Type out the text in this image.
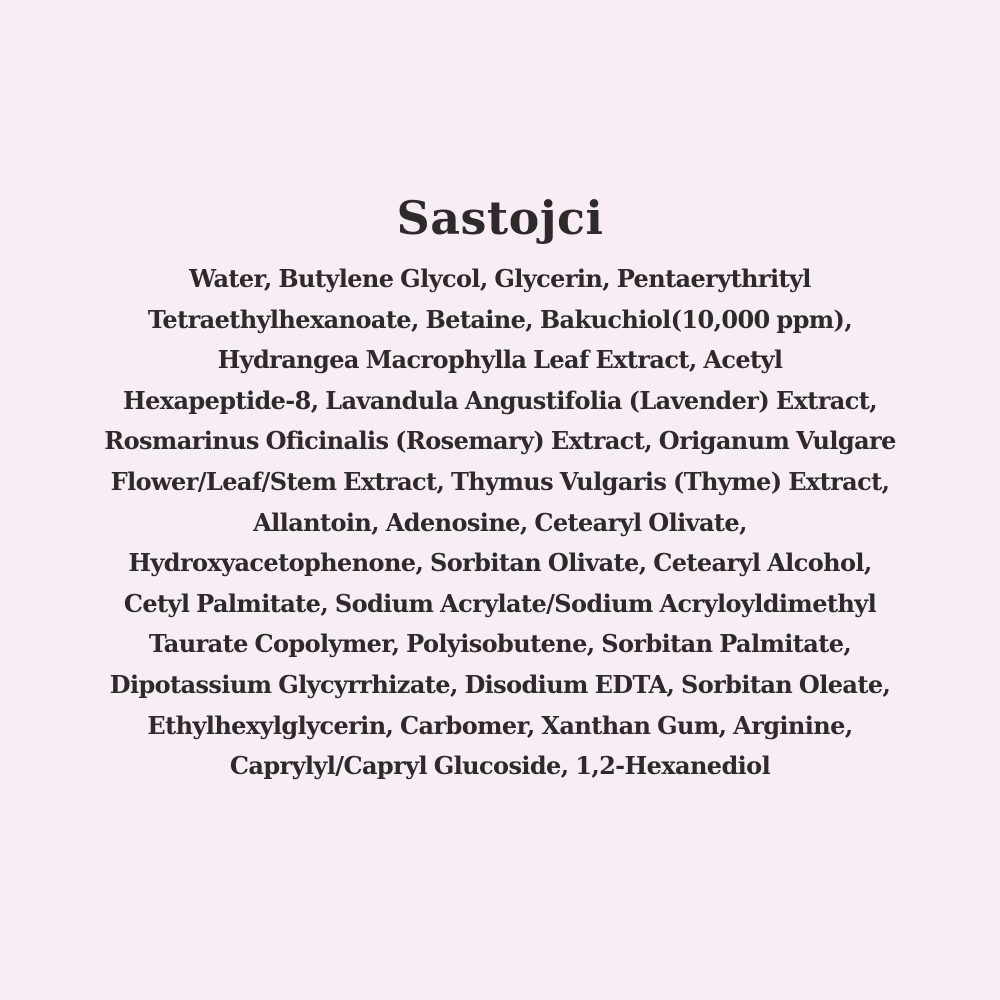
Sastojci
Water, Butylene Glycol, Glycerin, Pentaerythrityl
Tetraethylhexanoate, Betaine, Bakuchiol(10,000 ppm),
Hydrangea Macrophylla Leaf Extract, Acetyl
Hexapeptide-8, Lavandula Angustifolia (Lavender) Extract,
Rosmarinus Oficinalis (Rosemary) Extract, Origanum Vulgare
Flower/Leaf/Stem Extract, Thymus Vulgaris (Thyme) Extract,
Allantoin, Adenosine, Cetearyl Olivate,
Hydroxyacetophenone, Sorbitan Olivate, Cetearyl Alcohol,
Cetyl Palmitate, Sodium Acrylate/Sodium Acryloyldimethyl
Taurate Copolymer, Polyisobutene, Sorbitan Palmitate,
Dipotassium Glycyrrhizate, Disodium EDTA, Sorbitan Oleate,
Ethylhexylglycerin, Carbomer, Xanthan Gum, Arginine,
Caprylyl/Capryl Glucoside, 1,2-Hexanediol
